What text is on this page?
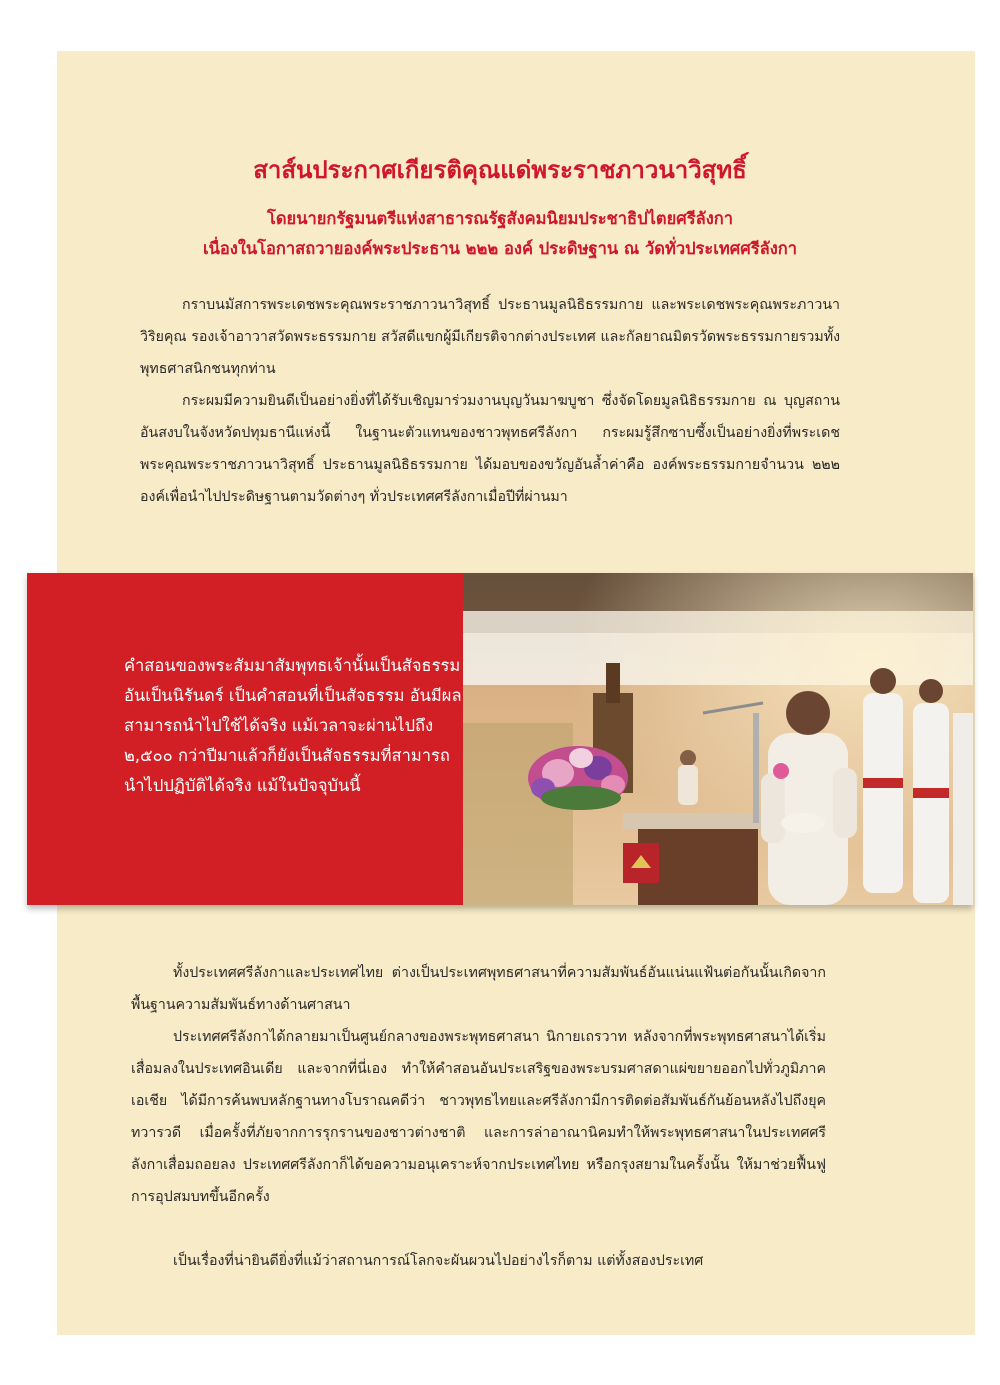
สาส์นประกาศเกียรติคุณแด่พระราชภาวนาวิสุทธิ์
โดยนายกรัฐมนตรีแห่งสาธารณรัฐสังคมนิยมประชาธิปไตยศรีลังกา
เนื่องในโอกาสถวายองค์พระประธาน ๒๒๒ องค์ ประดิษฐาน ณ วัดทั่วประเทศศรีลังกา

กราบนมัสการพระเดชพระคุณพระราชภาวนาวิสุทธิ์ ประธานมูลนิธิธรรมกาย และพระเดชพระคุณพระภาวนาวิริยคุณ รองเจ้าอาวาสวัดพระธรรมกาย สวัสดีแขกผู้มีเกียรติจากต่างประเทศ และกัลยาณมิตรวัดพระธรรมกายรวมทั้งพุทธศาสนิกชนทุกท่าน

กระผมมีความยินดีเป็นอย่างยิ่งที่ได้รับเชิญมาร่วมงานบุญวันมาฆบูชา ซึ่งจัดโดยมูลนิธิธรรมกาย ณ บุญสถานอันสงบในจังหวัดปทุมธานีแห่งนี้ ในฐานะตัวแทนของชาวพุทธศรีลังกา กระผมรู้สึกซาบซึ้งเป็นอย่างยิ่งที่พระเดชพระคุณพระราชภาวนาวิสุทธิ์ ประธานมูลนิธิธรรมกาย ได้มอบของขวัญอันล้ำค่าคือ องค์พระธรรมกายจำนวน ๒๒๒ องค์เพื่อนำไปประดิษฐานตามวัดต่างๆ ทั่วประเทศศรีลังกาเมื่อปีที่ผ่านมา

คำสอนของพระสัมมาสัมพุทธเจ้านั้นเป็นสัจธรรมอันเป็นนิรันดร์ เป็นคำสอนที่เป็นสัจธรรม อันมีผลสามารถนำไปใช้ได้จริง แม้เวลาจะผ่านไปถึง ๒,๕๐๐ กว่าปีมาแล้วก็ยังเป็นสัจธรรมที่สามารถนำไปปฏิบัติได้จริง แม้ในปัจจุบันนี้

ทั้งประเทศศรีลังกาและประเทศไทย ต่างเป็นประเทศพุทธศาสนาที่ความสัมพันธ์อันแน่นแฟ้นต่อกันนั้นเกิดจากพื้นฐานความสัมพันธ์ทางด้านศาสนา

ประเทศศรีลังกาได้กลายมาเป็นศูนย์กลางของพระพุทธศาสนา นิกายเถรวาท หลังจากที่พระพุทธศาสนาได้เริ่มเสื่อมลงในประเทศอินเดีย และจากที่นี่เอง ทำให้คำสอนอันประเสริฐของพระบรมศาสดาแผ่ขยายออกไปทั่วภูมิภาคเอเชีย ได้มีการค้นพบหลักฐานทางโบราณคดีว่า ชาวพุทธไทยและศรีลังกามีการติดต่อสัมพันธ์กันย้อนหลังไปถึงยุคทวารวดี เมื่อครั้งที่ภัยจากการรุกรานของชาวต่างชาติ และการล่าอาณานิคมทำให้พระพุทธศาสนาในประเทศศรีลังกาเสื่อมถอยลง ประเทศศรีลังกาก็ได้ขอความอนุเคราะห์จากประเทศไทย หรือกรุงสยามในครั้งนั้น ให้มาช่วยฟื้นฟูการอุปสมบทขึ้นอีกครั้ง

เป็นเรื่องที่น่ายินดียิ่งที่แม้ว่าสถานการณ์โลกจะผันผวนไปอย่างไรก็ตาม แต่ทั้งสองประเทศ
